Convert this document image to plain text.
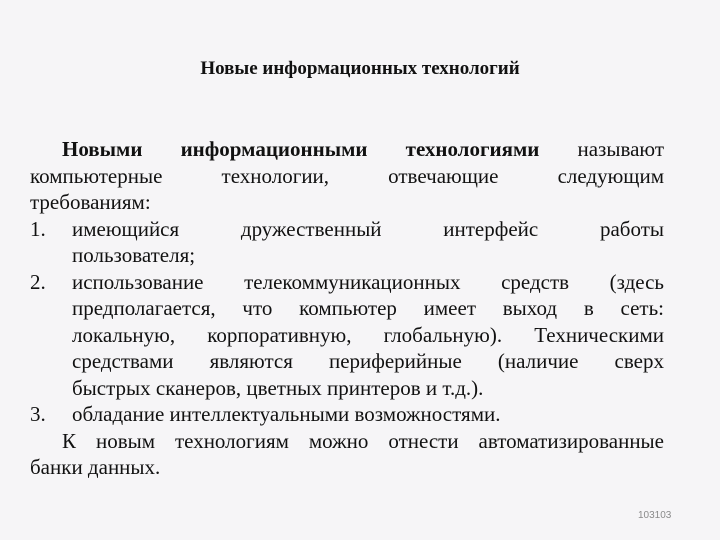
Новые информационных технологий
Новыми информационными технологиями называют
компьютерные технологии, отвечающие следующим
требованиям:
1.	имеющийся дружественный интерфейс работы
пользователя;
2.	использование телекоммуникационных средств (здесь
предполагается, что компьютер имеет выход в сеть:
локальную, корпоративную, глобальную). Техническими
средствами являются периферийные (наличие сверх
быстрых сканеров, цветных принтеров и т.д.).
3.	обладание интеллектуальными возможностями.
К новым технологиям можно отнести автоматизированные
банки данных.
103103
